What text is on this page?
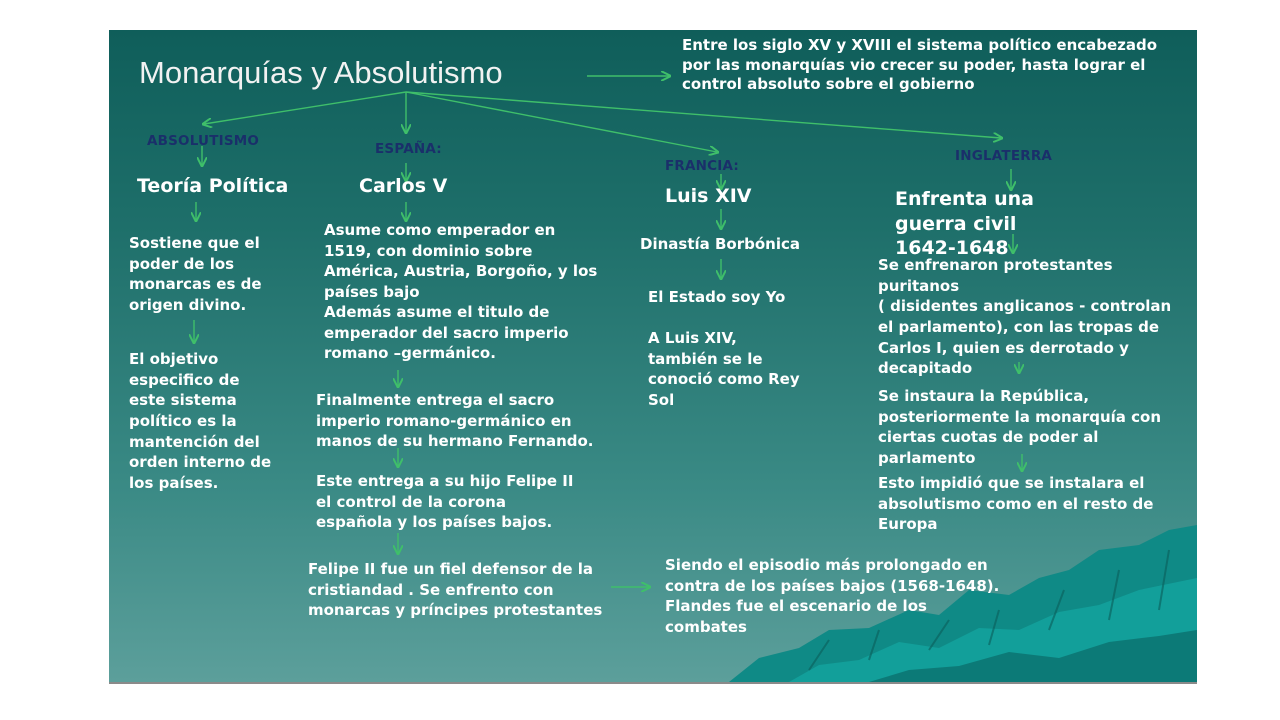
Monarquías y Absolutismo
Entre los siglo XV y XVIII el sistema político encabezado
por las monarquías vio crecer su poder, hasta lograr el
control absoluto sobre el gobierno
ABSOLUTISMO
Teoría Política
Sostiene que el
poder de los
monarcas es de
origen divino.
El objetivo
especifico de
este sistema
político es la
mantención del
orden interno de
los países.
ESPAÑA:
Carlos V
Asume como emperador en
1519, con dominio sobre
América, Austria, Borgoño, y los
países bajo
Además asume el titulo de
emperador del sacro imperio
romano –germánico.
Finalmente entrega el sacro
imperio romano-germánico en
manos de su hermano Fernando.
Este entrega a su hijo Felipe II
el control de la corona
española y los países bajos.
Felipe II fue un fiel defensor de la
cristiandad . Se enfrento con
monarcas y príncipes protestantes
Siendo el episodio más prolongado en
contra de los países bajos (1568-1648).
Flandes fue el escenario de los
combates
FRANCIA:
Luis XIV
Dinastía Borbónica
El Estado soy Yo
A Luis XIV,
también se le
conoció como Rey
Sol
INGLATERRA
Enfrenta una
guerra civil
1642-1648
Se enfrenaron protestantes
puritanos
( disidentes anglicanos - controlan
el parlamento), con las tropas de
Carlos I, quien es derrotado y
decapitado
Se instaura la República,
posteriormente la monarquía con
ciertas cuotas de poder al
parlamento
Esto impidió que se instalara el
absolutismo como en el resto de
Europa
